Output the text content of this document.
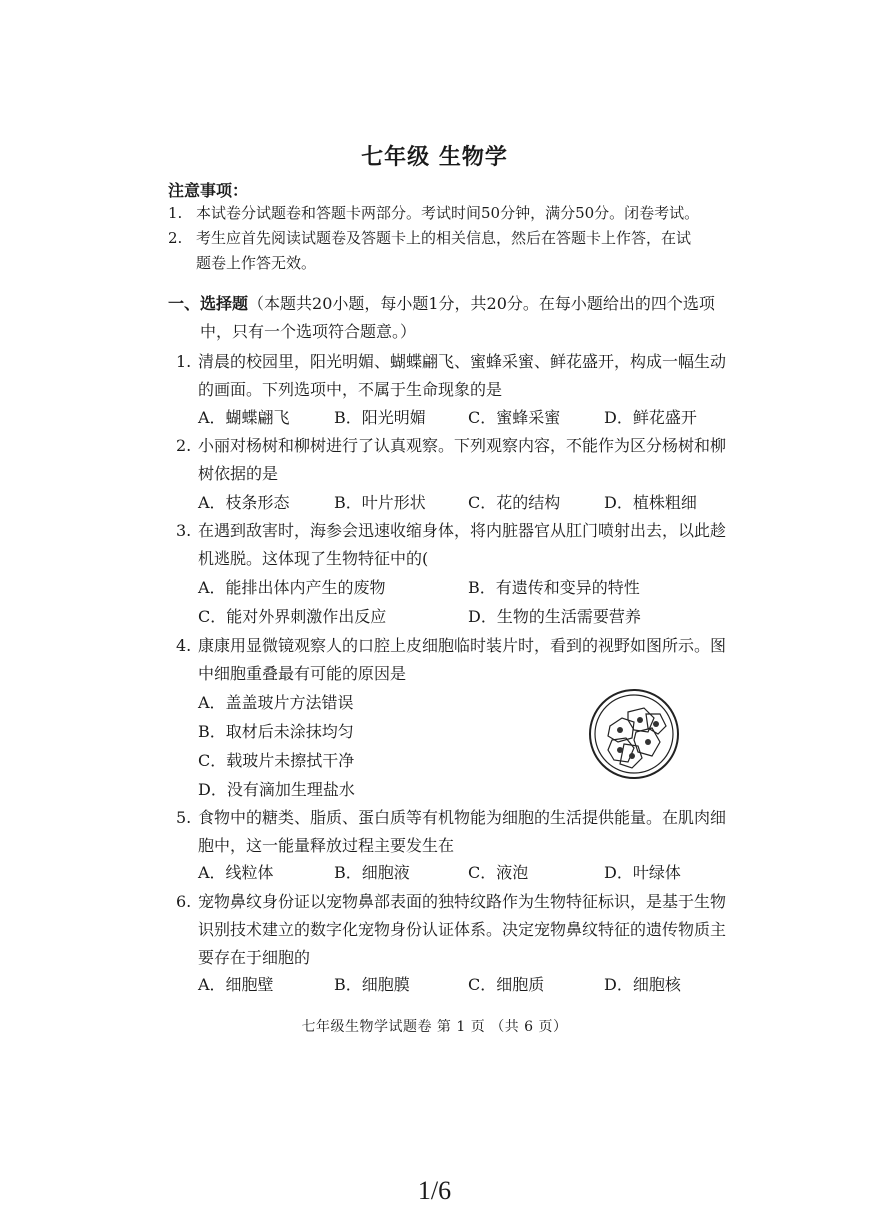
七年级 生物学
注意事项：
1. 本试卷分试题卷和答题卡两部分。考试时间50分钟，满分50分。闭卷考试。
2. 考生应首先阅读试题卷及答题卡上的相关信息，然后在答题卡上作答，在试
题卷上作答无效。
一、选择题（本题共20小题，每小题1分，共20分。在每小题给出的四个选项
中，只有一个选项符合题意。）
1. 清晨的校园里，阳光明媚、蝴蝶翩飞、蜜蜂采蜜、鲜花盛开，构成一幅生动
的画面。下列选项中，不属于生命现象的是
A．蝴蝶翩飞	B．阳光明媚	C．蜜蜂采蜜	D．鲜花盛开
2. 小丽对杨树和柳树进行了认真观察。下列观察内容，不能作为区分杨树和柳
树依据的是
A．枝条形态	B．叶片形状	C．花的结构	D．植株粗细
3. 在遇到敌害时，海参会迅速收缩身体，将内脏器官从肛门喷射出去，以此趁
机逃脱。这体现了生物特征中的(
A．能排出体内产生的废物	B．有遗传和变异的特性
C．能对外界刺激作出反应	D．生物的生活需要营养
4. 康康用显微镜观察人的口腔上皮细胞临时装片时，看到的视野如图所示。图
中细胞重叠最有可能的原因是
A．盖盖玻片方法错误
B．取材后未涂抹均匀
C．载玻片未擦拭干净
D．没有滴加生理盐水
5. 食物中的糖类、脂质、蛋白质等有机物能为细胞的生活提供能量。在肌肉细
胞中，这一能量释放过程主要发生在
A．线粒体	B．细胞液	C．液泡	D．叶绿体
6. 宠物鼻纹身份证以宠物鼻部表面的独特纹路作为生物特征标识，是基于生物
识别技术建立的数字化宠物身份认证体系。决定宠物鼻纹特征的遗传物质主
要存在于细胞的
A．细胞壁	B．细胞膜	C．细胞质	D．细胞核
七年级生物学试题卷 第 1 页 （共 6 页）
1/6
